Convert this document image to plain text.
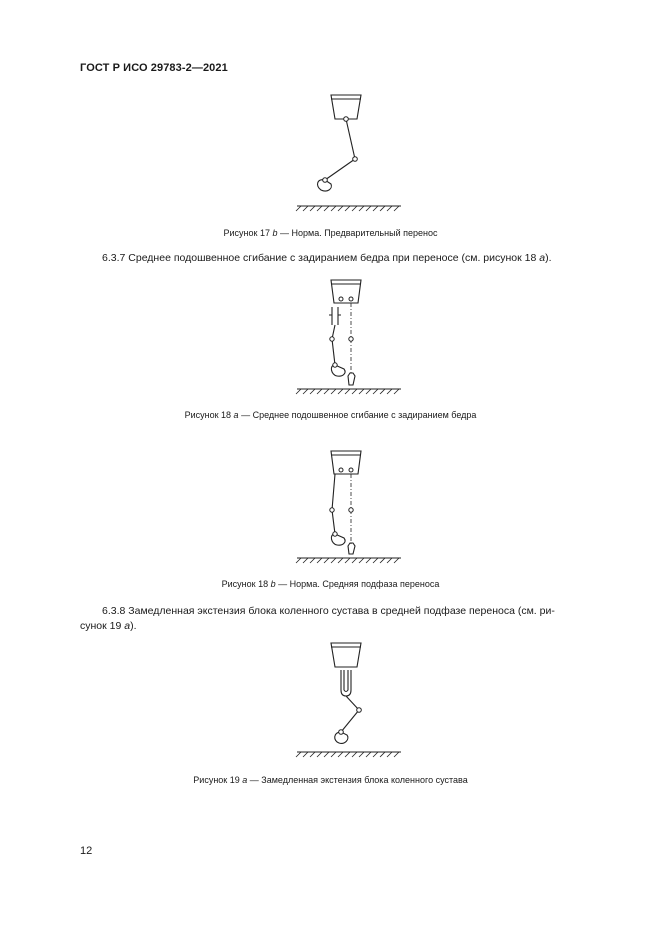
ГОСТ Р ИСО 29783-2—2021
Рисунок 17 b — Норма. Предварительный перенос
6.3.7 Среднее подошвенное сгибание с задиранием бедра при переносе (см. рисунок 18 a).
Рисунок 18 a — Среднее подошвенное сгибание с задиранием бедра
Рисунок 18 b — Норма. Средняя подфаза переноса
6.3.8 Замедленная экстензия блока коленного сустава в средней подфазе переноса (см. ри-
сунок 19 a).
Рисунок 19 a — Замедленная экстензия блока коленного сустава
12
